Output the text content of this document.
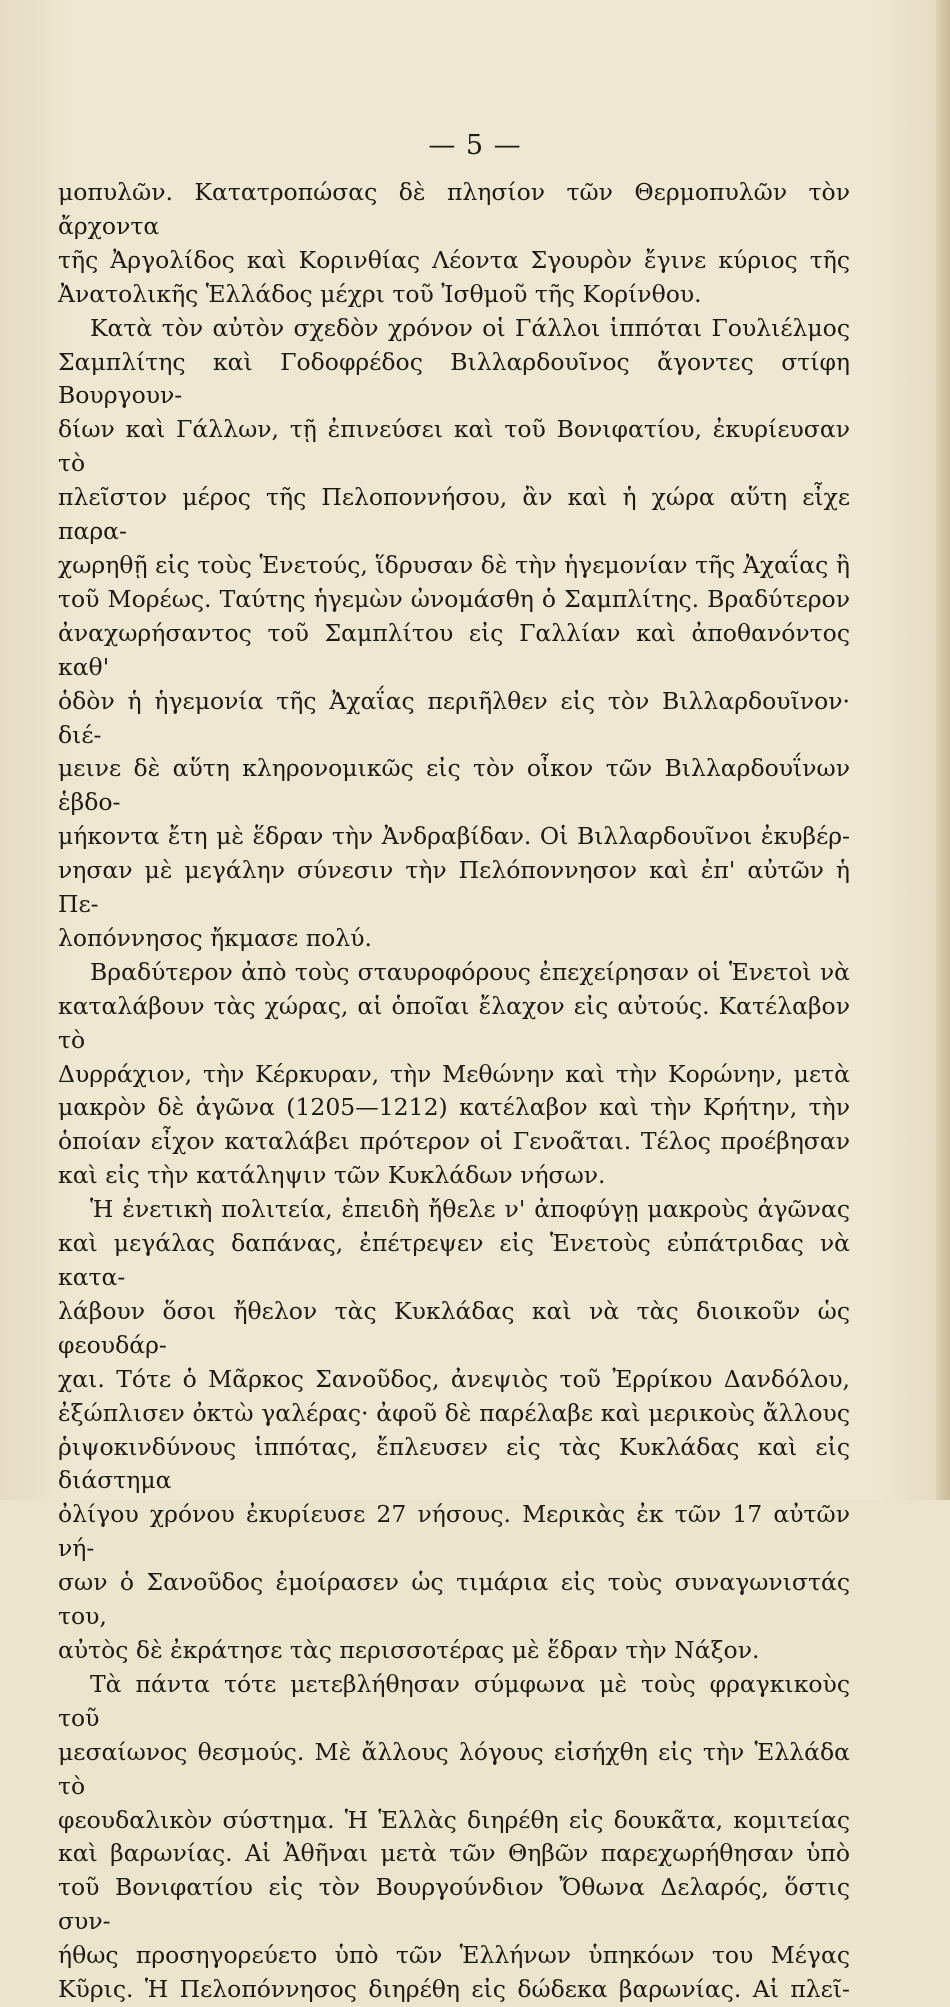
— 5 —

μοπυλῶν. Κατατροπώσας δὲ πλησίον τῶν Θερμοπυλῶν τὸν ἄρχοντα

τῆς Ἀργολίδος καὶ Κορινθίας Λέοντα Σγουρὸν ἔγινε κύριος τῆς

Ἀνατολικῆς Ἑλλάδος μέχρι τοῦ Ἰσθμοῦ τῆς Κορίνθου.

Κατὰ τὸν αὐτὸν σχεδὸν χρόνον οἱ Γάλλοι ἱππόται Γουλιέλμος

Σαμπλίτης καὶ Γοδοφρέδος Βιλλαρδουῖνος ἄγοντες στίφη Βουργουν-

δίων καὶ Γάλλων, τῇ ἐπινεύσει καὶ τοῦ Βονιφατίου, ἐκυρίευσαν τὸ

πλεῖστον μέρος τῆς Πελοποννήσου, ἂν καὶ ἡ χώρα αὕτη εἶχε παρα-

χωρηθῇ εἰς τοὺς Ἑνετούς, ἵδρυσαν δὲ τὴν ἡγεμονίαν τῆς Ἀχαΐας ἢ

τοῦ Μορέως. Ταύτης ἡγεμὼν ὠνομάσθη ὁ Σαμπλίτης. Βραδύτερον

ἀναχωρήσαντος τοῦ Σαμπλίτου εἰς Γαλλίαν καὶ ἀποθανόντος καθ'

ὁδὸν ἡ ἡγεμονία τῆς Ἀχαΐας περιῆλθεν εἰς τὸν Βιλλαρδουῖνον· διέ-

μεινε δὲ αὕτη κληρονομικῶς εἰς τὸν οἶκον τῶν Βιλλαρδουΐνων ἑβδο-

μήκοντα ἔτη μὲ ἕδραν τὴν Ἀνδραβίδαν. Οἱ Βιλλαρδουῖνοι ἐκυβέρ-

νησαν μὲ μεγάλην σύνεσιν τὴν Πελόποννησον καὶ ἐπ' αὐτῶν ἡ Πε-

λοπόννησος ἤκμασε πολύ.

Βραδύτερον ἀπὸ τοὺς σταυροφόρους ἐπεχείρησαν οἱ Ἑνετοὶ νὰ

καταλάβουν τὰς χώρας, αἱ ὁποῖαι ἔλαχον εἰς αὐτούς. Κατέλαβον τὸ

Δυρράχιον, τὴν Κέρκυραν, τὴν Μεθώνην καὶ τὴν Κορώνην, μετὰ

μακρὸν δὲ ἀγῶνα (1205—1212) κατέλαβον καὶ τὴν Κρήτην, τὴν

ὁποίαν εἶχον καταλάβει πρότερον οἱ Γενοᾶται. Τέλος προέβησαν

καὶ εἰς τὴν κατάληψιν τῶν Κυκλάδων νήσων.

Ἡ ἐνετικὴ πολιτεία, ἐπειδὴ ἤθελε ν' ἀποφύγῃ μακροὺς ἀγῶνας

καὶ μεγάλας δαπάνας, ἐπέτρεψεν εἰς Ἑνετοὺς εὐπάτριδας νὰ κατα-

λάβουν ὅσοι ἤθελον τὰς Κυκλάδας καὶ νὰ τὰς διοικοῦν ὡς φεουδάρ-

χαι. Τότε ὁ Μᾶρκος Σανοῦδος, ἀνεψιὸς τοῦ Ἐρρίκου Δανδόλου,

ἐξώπλισεν ὀκτὼ γαλέρας· ἀφοῦ δὲ παρέλαβε καὶ μερικοὺς ἄλλους

ῥιψοκινδύνους ἱππότας, ἔπλευσεν εἰς τὰς Κυκλάδας καὶ εἰς διάστημα

ὀλίγου χρόνου ἐκυρίευσε 27 νήσους. Μερικὰς ἐκ τῶν 17 αὐτῶν νή-

σων ὁ Σανοῦδος ἐμοίρασεν ὡς τιμάρια εἰς τοὺς συναγωνιστάς του,

αὐτὸς δὲ ἐκράτησε τὰς περισσοτέρας μὲ ἕδραν τὴν Νάξον.

Τὰ πάντα τότε μετεβλήθησαν σύμφωνα μὲ τοὺς φραγκικοὺς τοῦ

μεσαίωνος θεσμούς. Μὲ ἄλλους λόγους εἰσήχθη εἰς τὴν Ἑλλάδα τὸ

φεουδαλικὸν σύστημα. Ἡ Ἑλλὰς διηρέθη εἰς δουκᾶτα, κομιτείας

καὶ βαρωνίας. Αἱ Ἀθῆναι μετὰ τῶν Θηβῶν παρεχωρήθησαν ὑπὸ

τοῦ Βονιφατίου εἰς τὸν Βουργούνδιον Ὄθωνα Δελαρός, ὅστις συν-

ήθως προσηγορεύετο ὑπὸ τῶν Ἑλλήνων ὑπηκόων του Μέγας

Κῦρις. Ἡ Πελοπόννησος διηρέθη εἰς δώδεκα βαρωνίας. Αἱ πλεῖ-
